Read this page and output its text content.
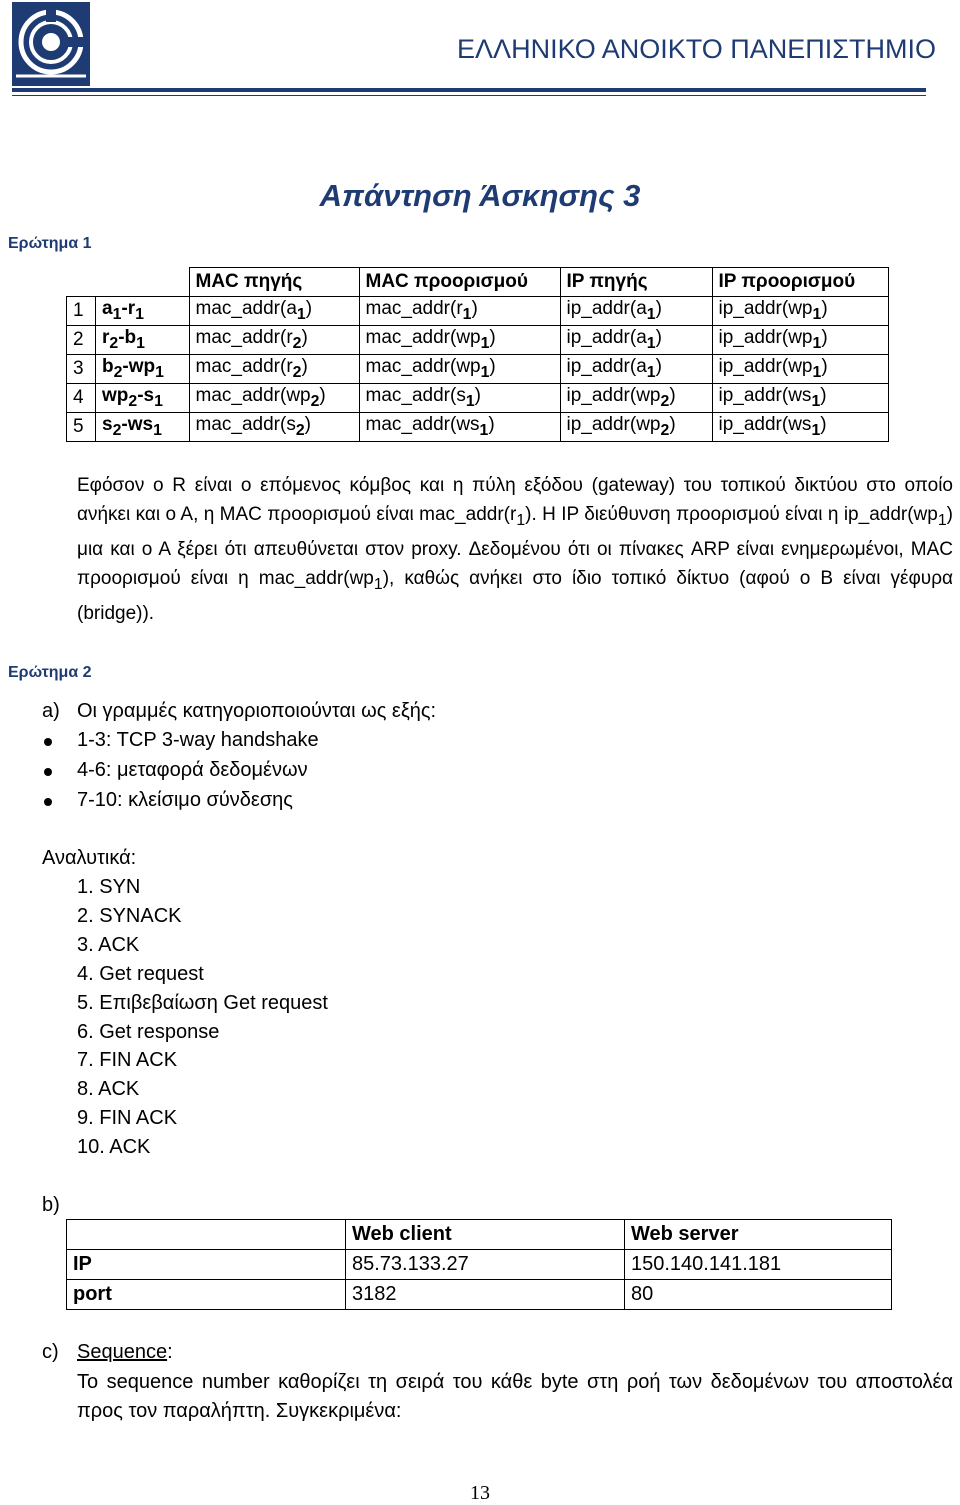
ΕΛΛΗΝΙΚΟ ΑΝΟΙΚΤΟ ΠΑΝΕΠΙΣΤΗΜΙΟ
Απάντηση Άσκησης 3
Ερώτημα 1
		MAC πηγής	MAC προορισμού	IP πηγής	IP προορισμού
1	$a_1-r_1$	$mac\_addr(a_1)$	$mac\_addr(r_1)$	$ip\_addr(a_1)$	$ip\_addr(wp_1)$
2	$r_2-b_1$	$mac\_addr(r_2)$	$mac\_addr(wp_1)$	$ip\_addr(a_1)$	$ip\_addr(wp_1)$
3	$b_2-wp_1$	$mac\_addr(r_2)$	$mac\_addr(wp_1)$	$ip\_addr(a_1)$	$ip\_addr(wp_1)$
4	$wp_2-s_1$	$mac\_addr(wp_2)$	$mac\_addr(s_1)$	$ip\_addr(wp_2)$	$ip\_addr(ws_1)$
5	$s_2-ws_1$	$mac\_addr(s_2)$	$mac\_addr(ws_1)$	$ip\_addr(wp_2)$	$ip\_addr(ws_1)$
Εφόσον ο R είναι ο επόμενος κόμβος και η πύλη εξόδου (gateway) του τοπικού δικτύου στο οποίο ανήκει και ο Α, η MAC προορισμού είναι $mac\_addr(r_1)$. Η IP διεύθυνση προορισμού είναι η $ip\_addr(wp_1)$ μια και ο Α ξέρει ότι απευθύνεται στον proxy. Δεδομένου ότι οι πίνακες ARP είναι ενημερωμένοι, MAC προορισμού είναι η $mac\_addr(wp_1)$, καθώς ανήκει στο ίδιο τοπικό δίκτυο (αφού ο Β είναι γέφυρα (bridge)).
Ερώτημα 2
a) Οι γραμμές κατηγοριοποιούνται ως εξής:
1-3: TCP 3-way handshake
4-6: μεταφορά δεδομένων
7-10: κλείσιμο σύνδεσης
Αναλυτικά:
1. SYN
2. SYNACK
3. ACK
4. Get request
5. Επιβεβαίωση Get request
6. Get response
7. FIN ACK
8. ACK
9. FIN ACK
10. ACK
b)
	Web client	Web server
IP	85.73.133.27	150.140.141.181
port	3182	80
c) Sequence:
Το sequence number καθορίζει τη σειρά του κάθε byte στη ροή των δεδομένων του αποστολέα προς τον παραλήπτη. Συγκεκριμένα:
13
